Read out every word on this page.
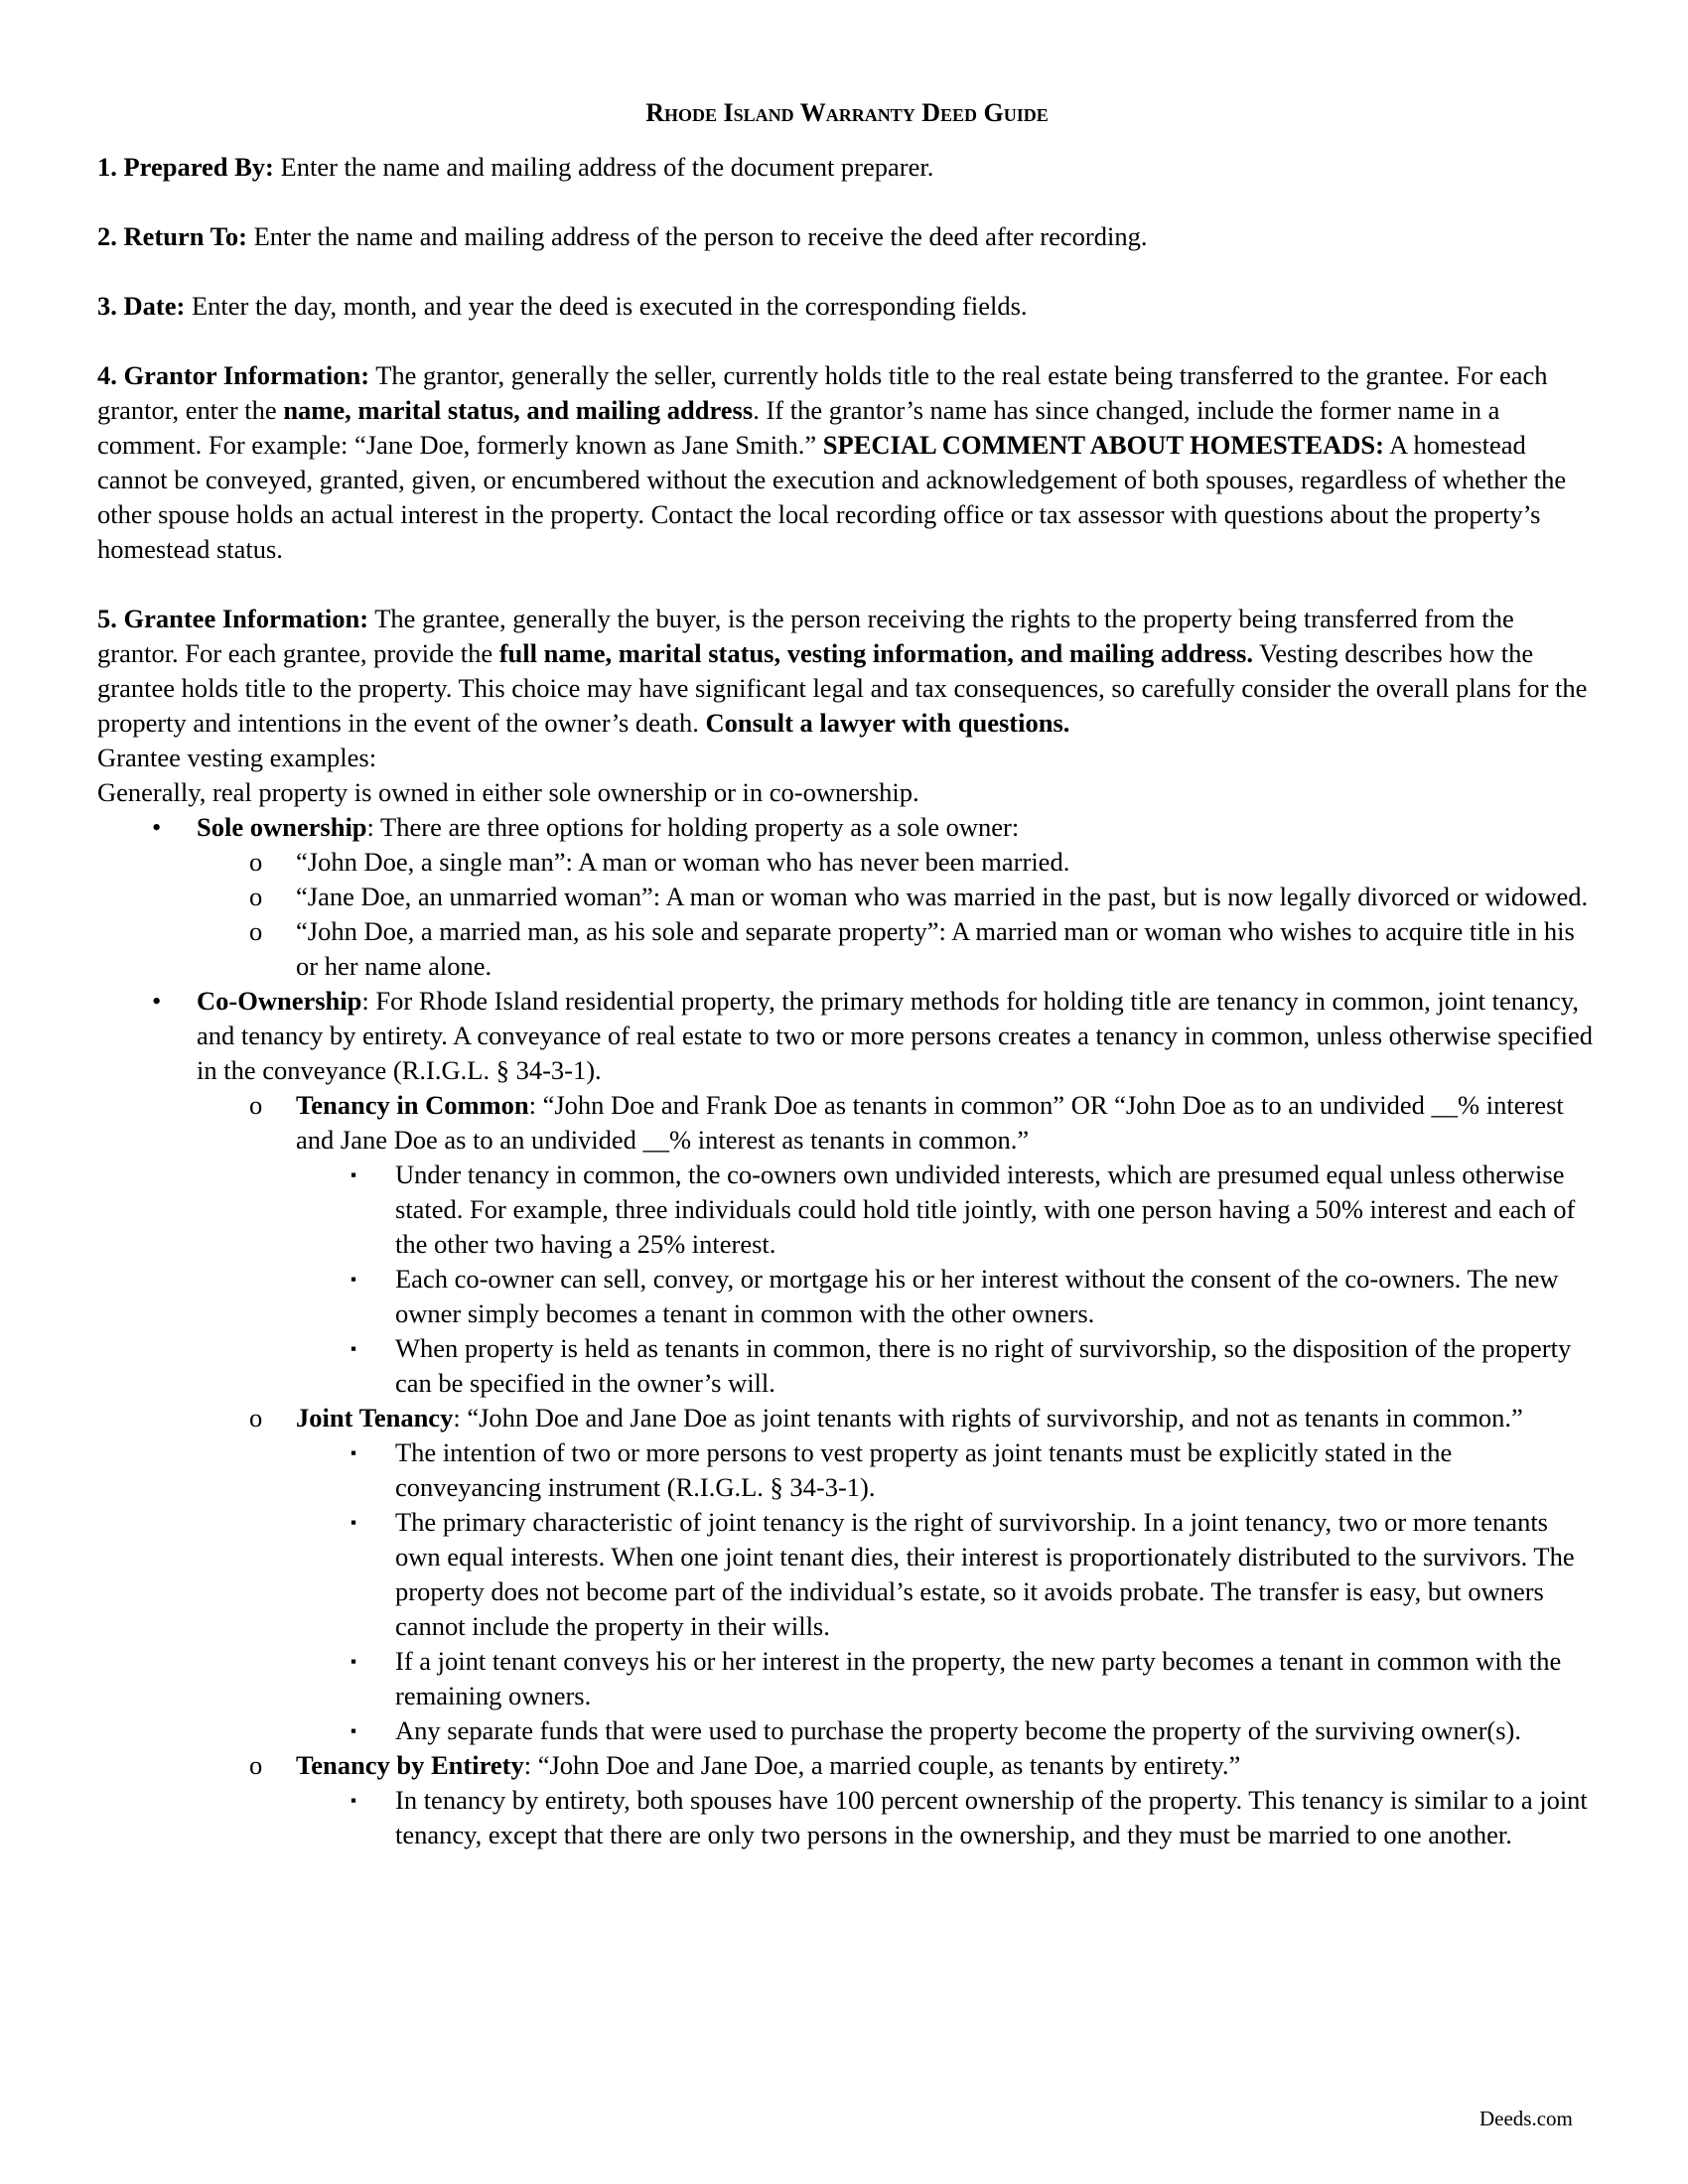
Rhode Island Warranty Deed Guide

1. Prepared By: Enter the name and mailing address of the document preparer.

2. Return To: Enter the name and mailing address of the person to receive the deed after recording.

3. Date: Enter the day, month, and year the deed is executed in the corresponding fields.

4. Grantor Information: The grantor, generally the seller, currently holds title to the real estate being transferred to the grantee. For each grantor, enter the name, marital status, and mailing address. If the grantor’s name has since changed, include the former name in a comment. For example: “Jane Doe, formerly known as Jane Smith.” SPECIAL COMMENT ABOUT HOMESTEADS: A homestead cannot be conveyed, granted, given, or encumbered without the execution and acknowledgement of both spouses, regardless of whether the other spouse holds an actual interest in the property. Contact the local recording office or tax assessor with questions about the property’s homestead status.

5. Grantee Information: The grantee, generally the buyer, is the person receiving the rights to the property being transferred from the grantor. For each grantee, provide the full name, marital status, vesting information, and mailing address. Vesting describes how the grantee holds title to the property. This choice may have significant legal and tax consequences, so carefully consider the overall plans for the property and intentions in the event of the owner’s death. Consult a lawyer with questions.

Grantee vesting examples:

Generally, real property is owned in either sole ownership or in co-ownership.

• Sole ownership: There are three options for holding property as a sole owner:
o “John Doe, a single man”: A man or woman who has never been married.
o “Jane Doe, an unmarried woman”: A man or woman who was married in the past, but is now legally divorced or widowed.
o “John Doe, a married man, as his sole and separate property”: A married man or woman who wishes to acquire title in his or her name alone.
• Co-Ownership: For Rhode Island residential property, the primary methods for holding title are tenancy in common, joint tenancy, and tenancy by entirety. A conveyance of real estate to two or more persons creates a tenancy in common, unless otherwise specified in the conveyance (R.I.G.L. § 34-3-1).
o Tenancy in Common: “John Doe and Frank Doe as tenants in common” OR “John Doe as to an undivided __% interest and Jane Doe as to an undivided __% interest as tenants in common.”
▪ Under tenancy in common, the co-owners own undivided interests, which are presumed equal unless otherwise stated. For example, three individuals could hold title jointly, with one person having a 50% interest and each of the other two having a 25% interest.
▪ Each co-owner can sell, convey, or mortgage his or her interest without the consent of the co-owners. The new owner simply becomes a tenant in common with the other owners.
▪ When property is held as tenants in common, there is no right of survivorship, so the disposition of the property can be specified in the owner’s will.
o Joint Tenancy: “John Doe and Jane Doe as joint tenants with rights of survivorship, and not as tenants in common.”
▪ The intention of two or more persons to vest property as joint tenants must be explicitly stated in the conveyancing instrument (R.I.G.L. § 34-3-1).
▪ The primary characteristic of joint tenancy is the right of survivorship. In a joint tenancy, two or more tenants own equal interests. When one joint tenant dies, their interest is proportionately distributed to the survivors. The property does not become part of the individual’s estate, so it avoids probate. The transfer is easy, but owners cannot include the property in their wills.
▪ If a joint tenant conveys his or her interest in the property, the new party becomes a tenant in common with the remaining owners.
▪ Any separate funds that were used to purchase the property become the property of the surviving owner(s).
o Tenancy by Entirety: “John Doe and Jane Doe, a married couple, as tenants by entirety.”
▪ In tenancy by entirety, both spouses have 100 percent ownership of the property. This tenancy is similar to a joint tenancy, except that there are only two persons in the ownership, and they must be married to one another.
Deeds.com
